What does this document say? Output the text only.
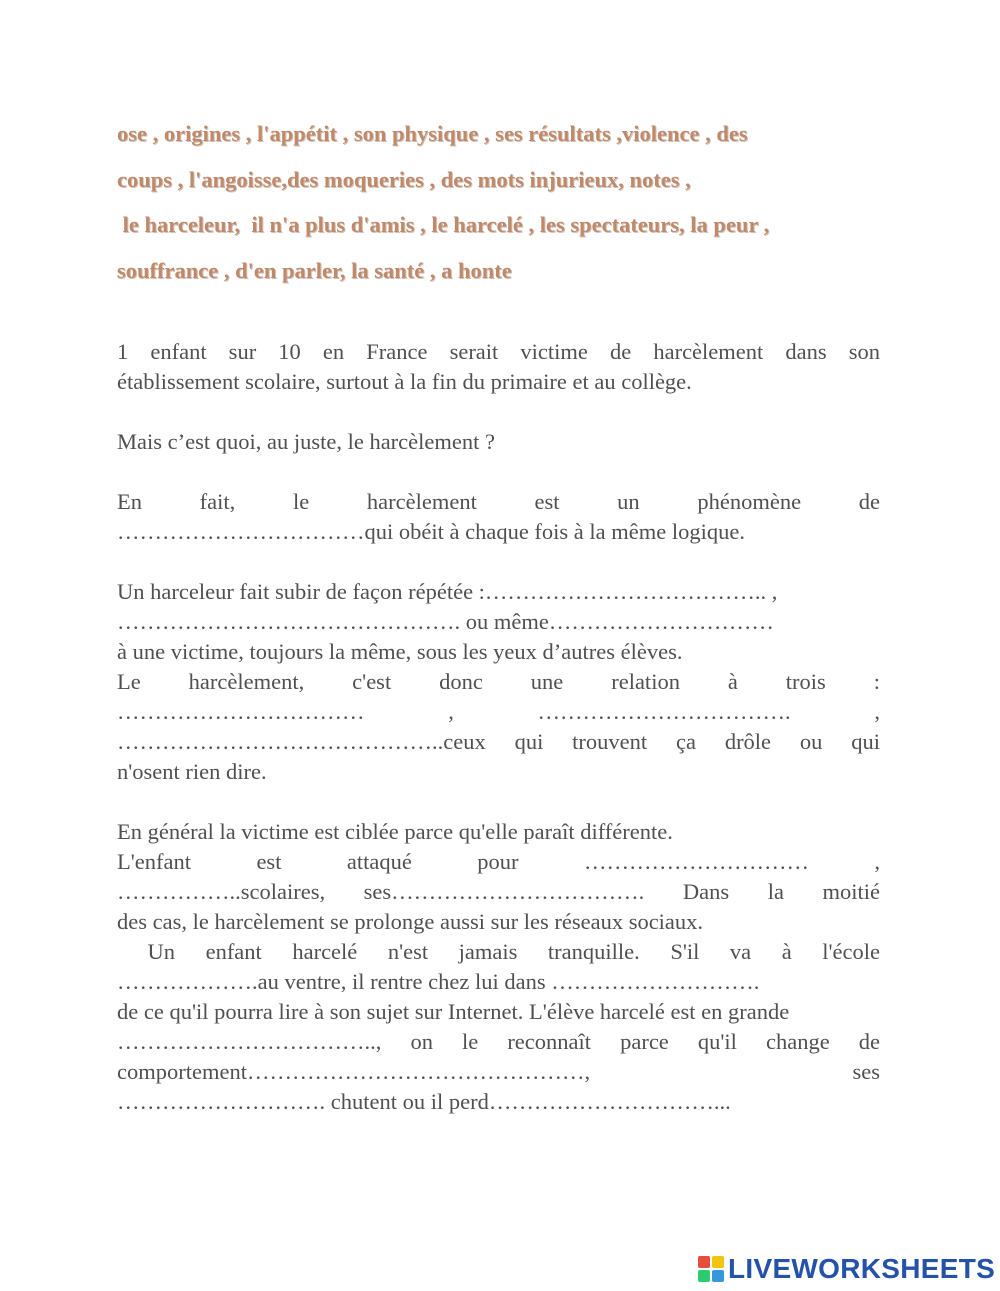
ose , origines , l'appétit , son physique , ses résultats ,violence , des
coups , l'angoisse,des moqueries , des mots injurieux, notes ,
le harceleur,  il n'a plus d'amis , le harcelé , les spectateurs, la peur ,
souffrance , d'en parler, la santé , a honte
1 enfant sur 10 en France serait victime de harcèlement dans son
établissement scolaire, surtout à la fin du primaire et au collège.
Mais c’est quoi, au juste, le harcèlement ?
En fait, le harcèlement est un phénomène de
……………………………qui obéit à chaque fois à la même logique.
Un harceleur fait subir de façon répétée :……………………………….. ,
………………………………………. ou même…………………………
à une victime, toujours la même, sous les yeux d’autres élèves.
Le harcèlement, c'est donc une relation à trois :
…………………………… , ……………………………. ,
……………………………………..ceux qui trouvent ça drôle ou qui
n'osent rien dire.
En général la victime est ciblée parce qu'elle paraît différente.
L'enfant est attaqué pour ………………………… ,
……………..scolaires, ses……………………………. Dans la moitié
des cas, le harcèlement se prolonge aussi sur les réseaux sociaux.
Un enfant harcelé n'est jamais tranquille. S'il va à l'école
……………….au ventre, il rentre chez lui dans ……………………….
de ce qu'il pourra lire à son sujet sur Internet. L'élève harcelé est en grande
…………………………….., on le reconnaît parce qu'il change de
comportement………………………………………, ses
………………………. chutent ou il perd…………………………...
LIVEWORKSHEETS
